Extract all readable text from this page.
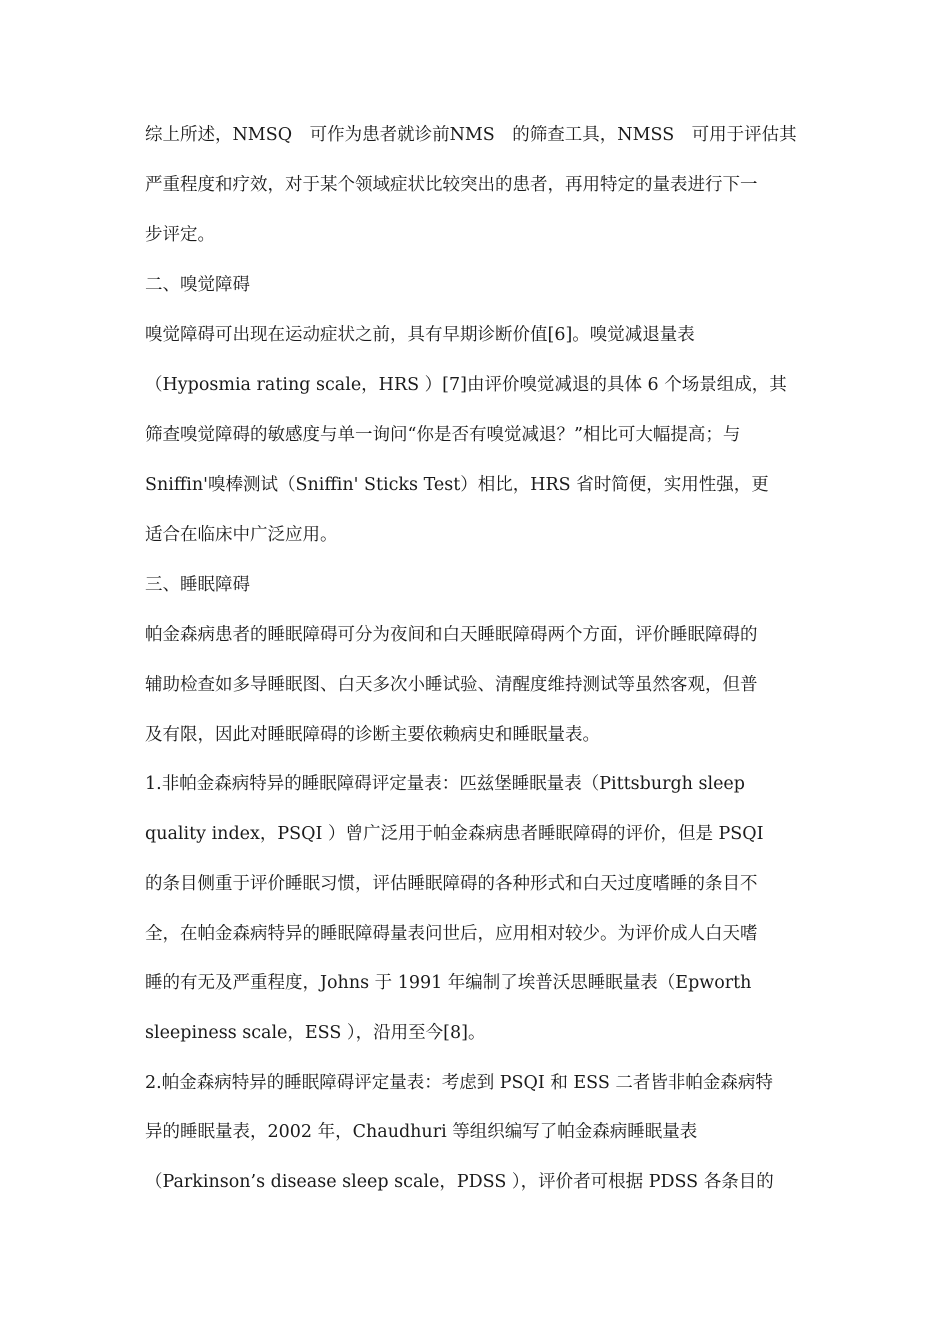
综上所述，NMSQ　可作为患者就诊前NMS　的筛查工具，NMSS　可用于评估其
严重程度和疗效，对于某个领域症状比较突出的患者，再用特定的量表进行下一
步评定。
二、嗅觉障碍
嗅觉障碍可出现在运动症状之前，具有早期诊断价值[6]。嗅觉减退量表
（Hyposmia rating scale，HRS ）[7]由评价嗅觉减退的具体 6 个场景组成，其
筛查嗅觉障碍的敏感度与单一询问“你是否有嗅觉减退？”相比可大幅提高；与
Sniffin'嗅棒测试（Sniffin' Sticks Test）相比，HRS 省时简便，实用性强，更
适合在临床中广泛应用。
三、睡眠障碍
帕金森病患者的睡眠障碍可分为夜间和白天睡眠障碍两个方面，评价睡眠障碍的
辅助检查如多导睡眠图、白天多次小睡试验、清醒度维持测试等虽然客观，但普
及有限，因此对睡眠障碍的诊断主要依赖病史和睡眠量表。
1.非帕金森病特异的睡眠障碍评定量表：匹兹堡睡眠量表（Pittsburgh sleep
quality index，PSQI ）曾广泛用于帕金森病患者睡眠障碍的评价，但是 PSQI
的条目侧重于评价睡眠习惯，评估睡眠障碍的各种形式和白天过度嗜睡的条目不
全，在帕金森病特异的睡眠障碍量表问世后，应用相对较少。为评价成人白天嗜
睡的有无及严重程度，Johns 于 1991 年编制了埃普沃思睡眠量表（Epworth
sleepiness scale，ESS ），沿用至今[8]。
2.帕金森病特异的睡眠障碍评定量表：考虑到 PSQI 和 ESS 二者皆非帕金森病特
异的睡眠量表，2002 年，Chaudhuri 等组织编写了帕金森病睡眠量表
（Parkinson’s disease sleep scale，PDSS ），评价者可根据 PDSS 各条目的
